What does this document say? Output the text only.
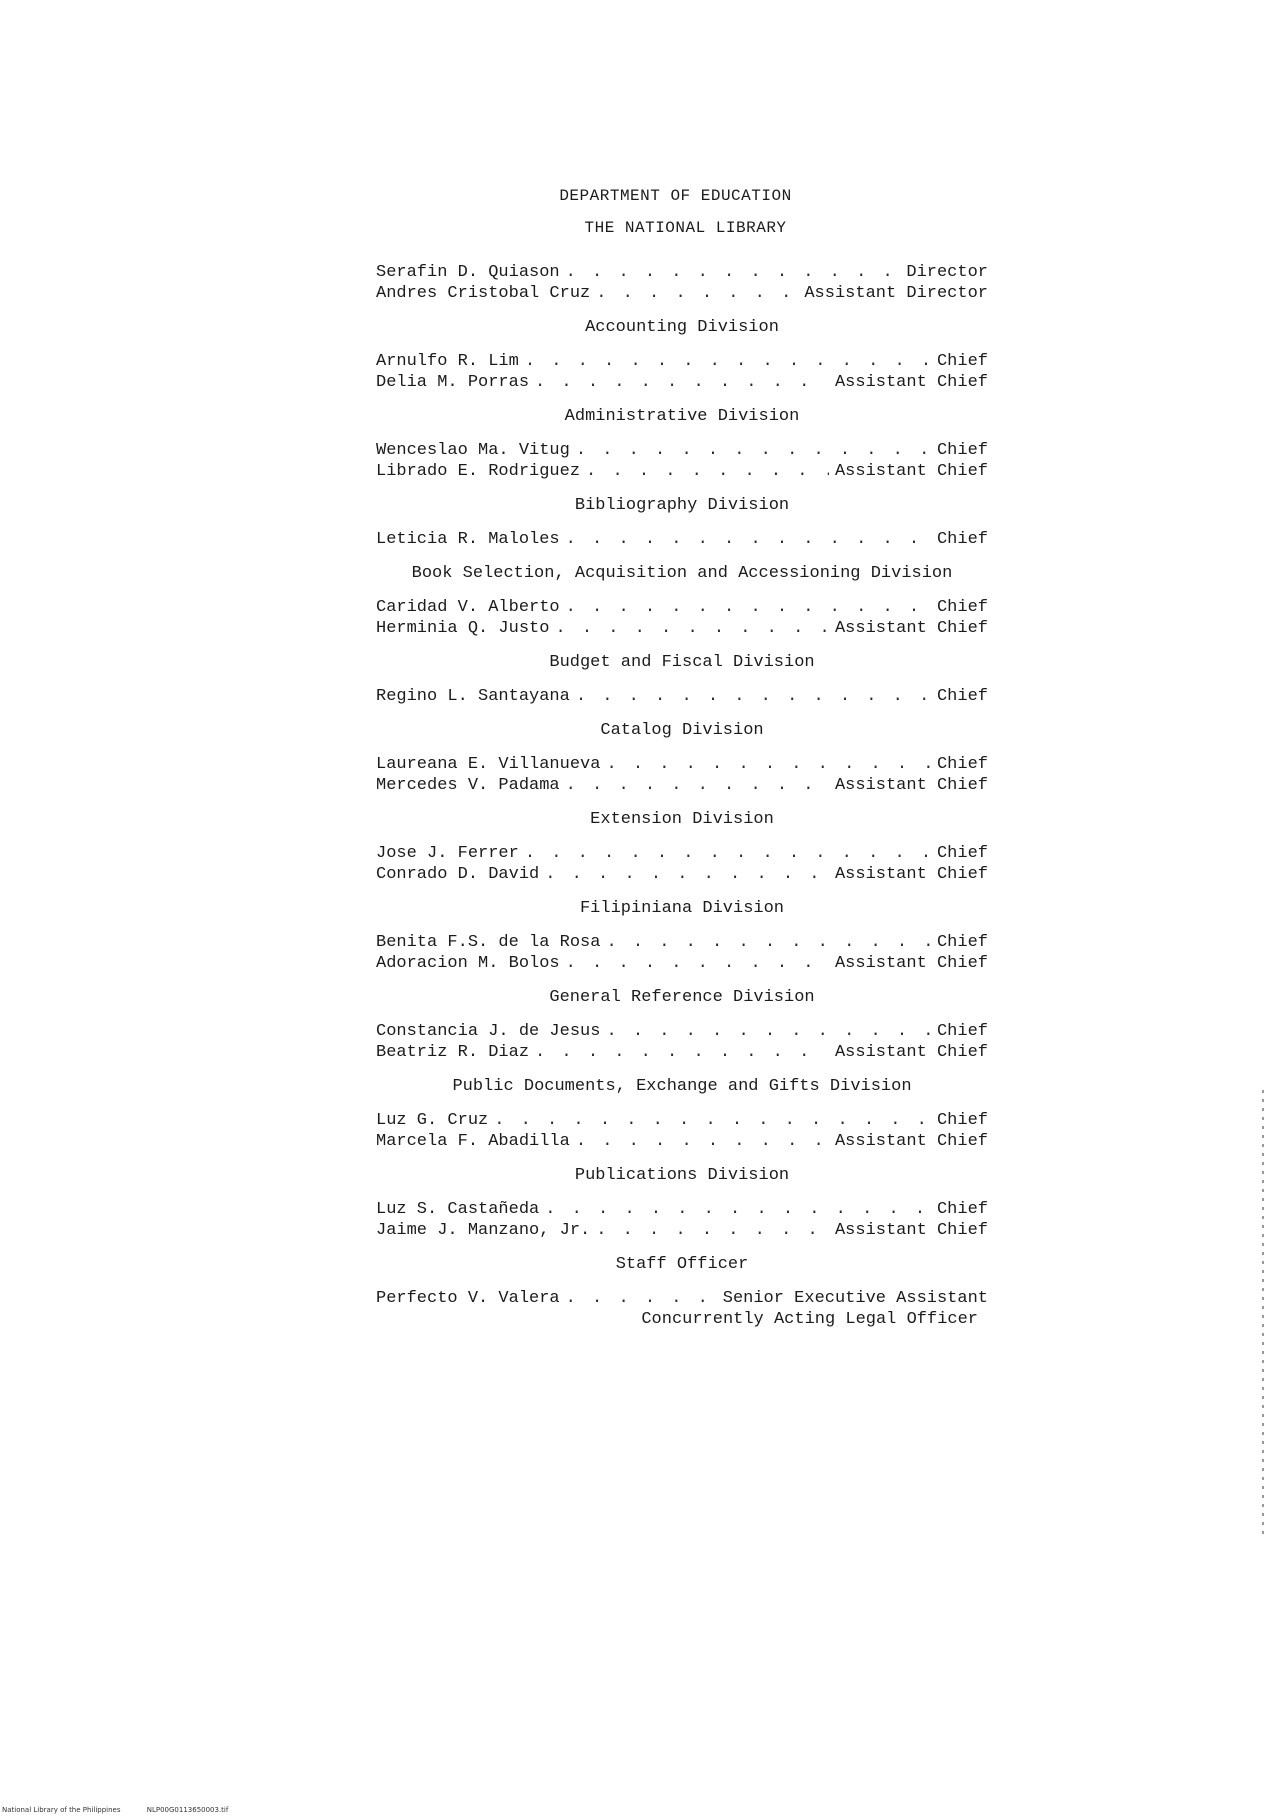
DEPARTMENT OF EDUCATION
THE NATIONAL LIBRARY
Serafin D. Quiason . . .	Director
Andres Cristobal Cruz . . .	Assistant Director
Accounting Division
Arnulfo R. Lim . . .	Chief
Delia M. Porras . . .	Assistant Chief
Administrative Division
Wenceslao Ma. Vitug . . .	Chief
Librado E. Rodriguez . . .	Assistant Chief
Bibliography Division
Leticia R. Maloles . . .	Chief
Book Selection, Acquisition and Accessioning Division
Caridad V. Alberto . . .	Chief
Herminia Q. Justo . . .	Assistant Chief
Budget and Fiscal Division
Regino L. Santayana . . .	Chief
Catalog Division
Laureana E. Villanueva . . .	Chief
Mercedes V. Padama . . .	Assistant Chief
Extension Division
Jose J. Ferrer . . .	Chief
Conrado D. David . . .	Assistant Chief
Filipiniana Division
Benita F.S. de la Rosa . . .	Chief
Adoracion M. Bolos . . .	Assistant Chief
General Reference Division
Constancia J. de Jesus . . .	Chief
Beatriz R. Diaz . . .	Assistant Chief
Public Documents, Exchange and Gifts Division
Luz G. Cruz . . .	Chief
Marcela F. Abadilla . . .	Assistant Chief
Publications Division
Luz S. Castañeda . . .	Chief
Jaime J. Manzano, Jr. . . .	Assistant Chief
Staff Officer
Perfecto V. Valera . . .	Senior Executive Assistant
Concurrently Acting Legal Officer
National Library of the Philippines	NLP00G0113650003.tif
